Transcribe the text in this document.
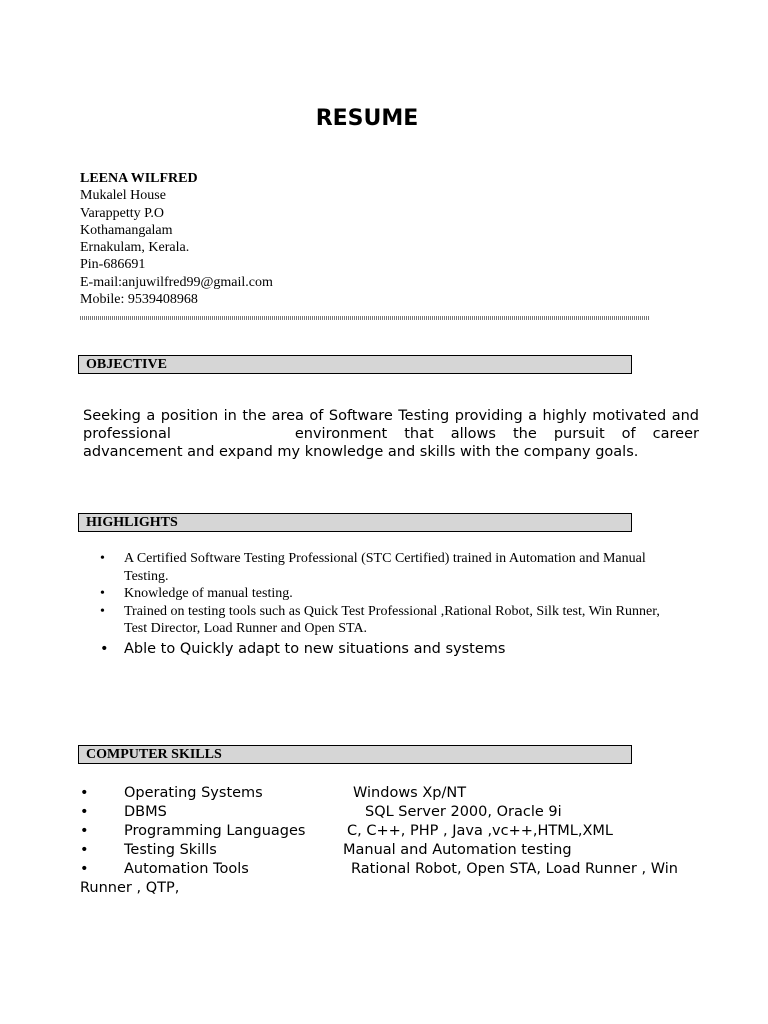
RESUME
LEENA WILFRED
Mukalel House
Varappetty P.O
Kothamangalam
Ernakulam, Kerala.
Pin-686691
E-mail:anjuwilfred99@gmail.com
Mobile: 9539408968
OBJECTIVE
Seeking a position in the area of Software Testing providing a highly motivated and professional	environment that allows the pursuit of career advancement and expand my knowledge and skills with the company goals.
HIGHLIGHTS
• A Certified Software Testing Professional (STC Certified) trained in Automation and Manual Testing.
• Knowledge of manual testing.
• Trained on testing tools such as Quick Test Professional ,Rational Robot, Silk test, Win Runner, Test Director, Load Runner and Open STA.
• Able to Quickly adapt to new situations and systems
COMPUTER SKILLS
• Operating Systems	Windows Xp/NT
• DBMS	SQL Server 2000, Oracle 9i
• Programming Languages	C, C++, PHP , Java ,vc++,HTML,XML
• Testing Skills	Manual and Automation testing
• Automation Tools	Rational Robot, Open STA, Load Runner , Win
Runner , QTP,
